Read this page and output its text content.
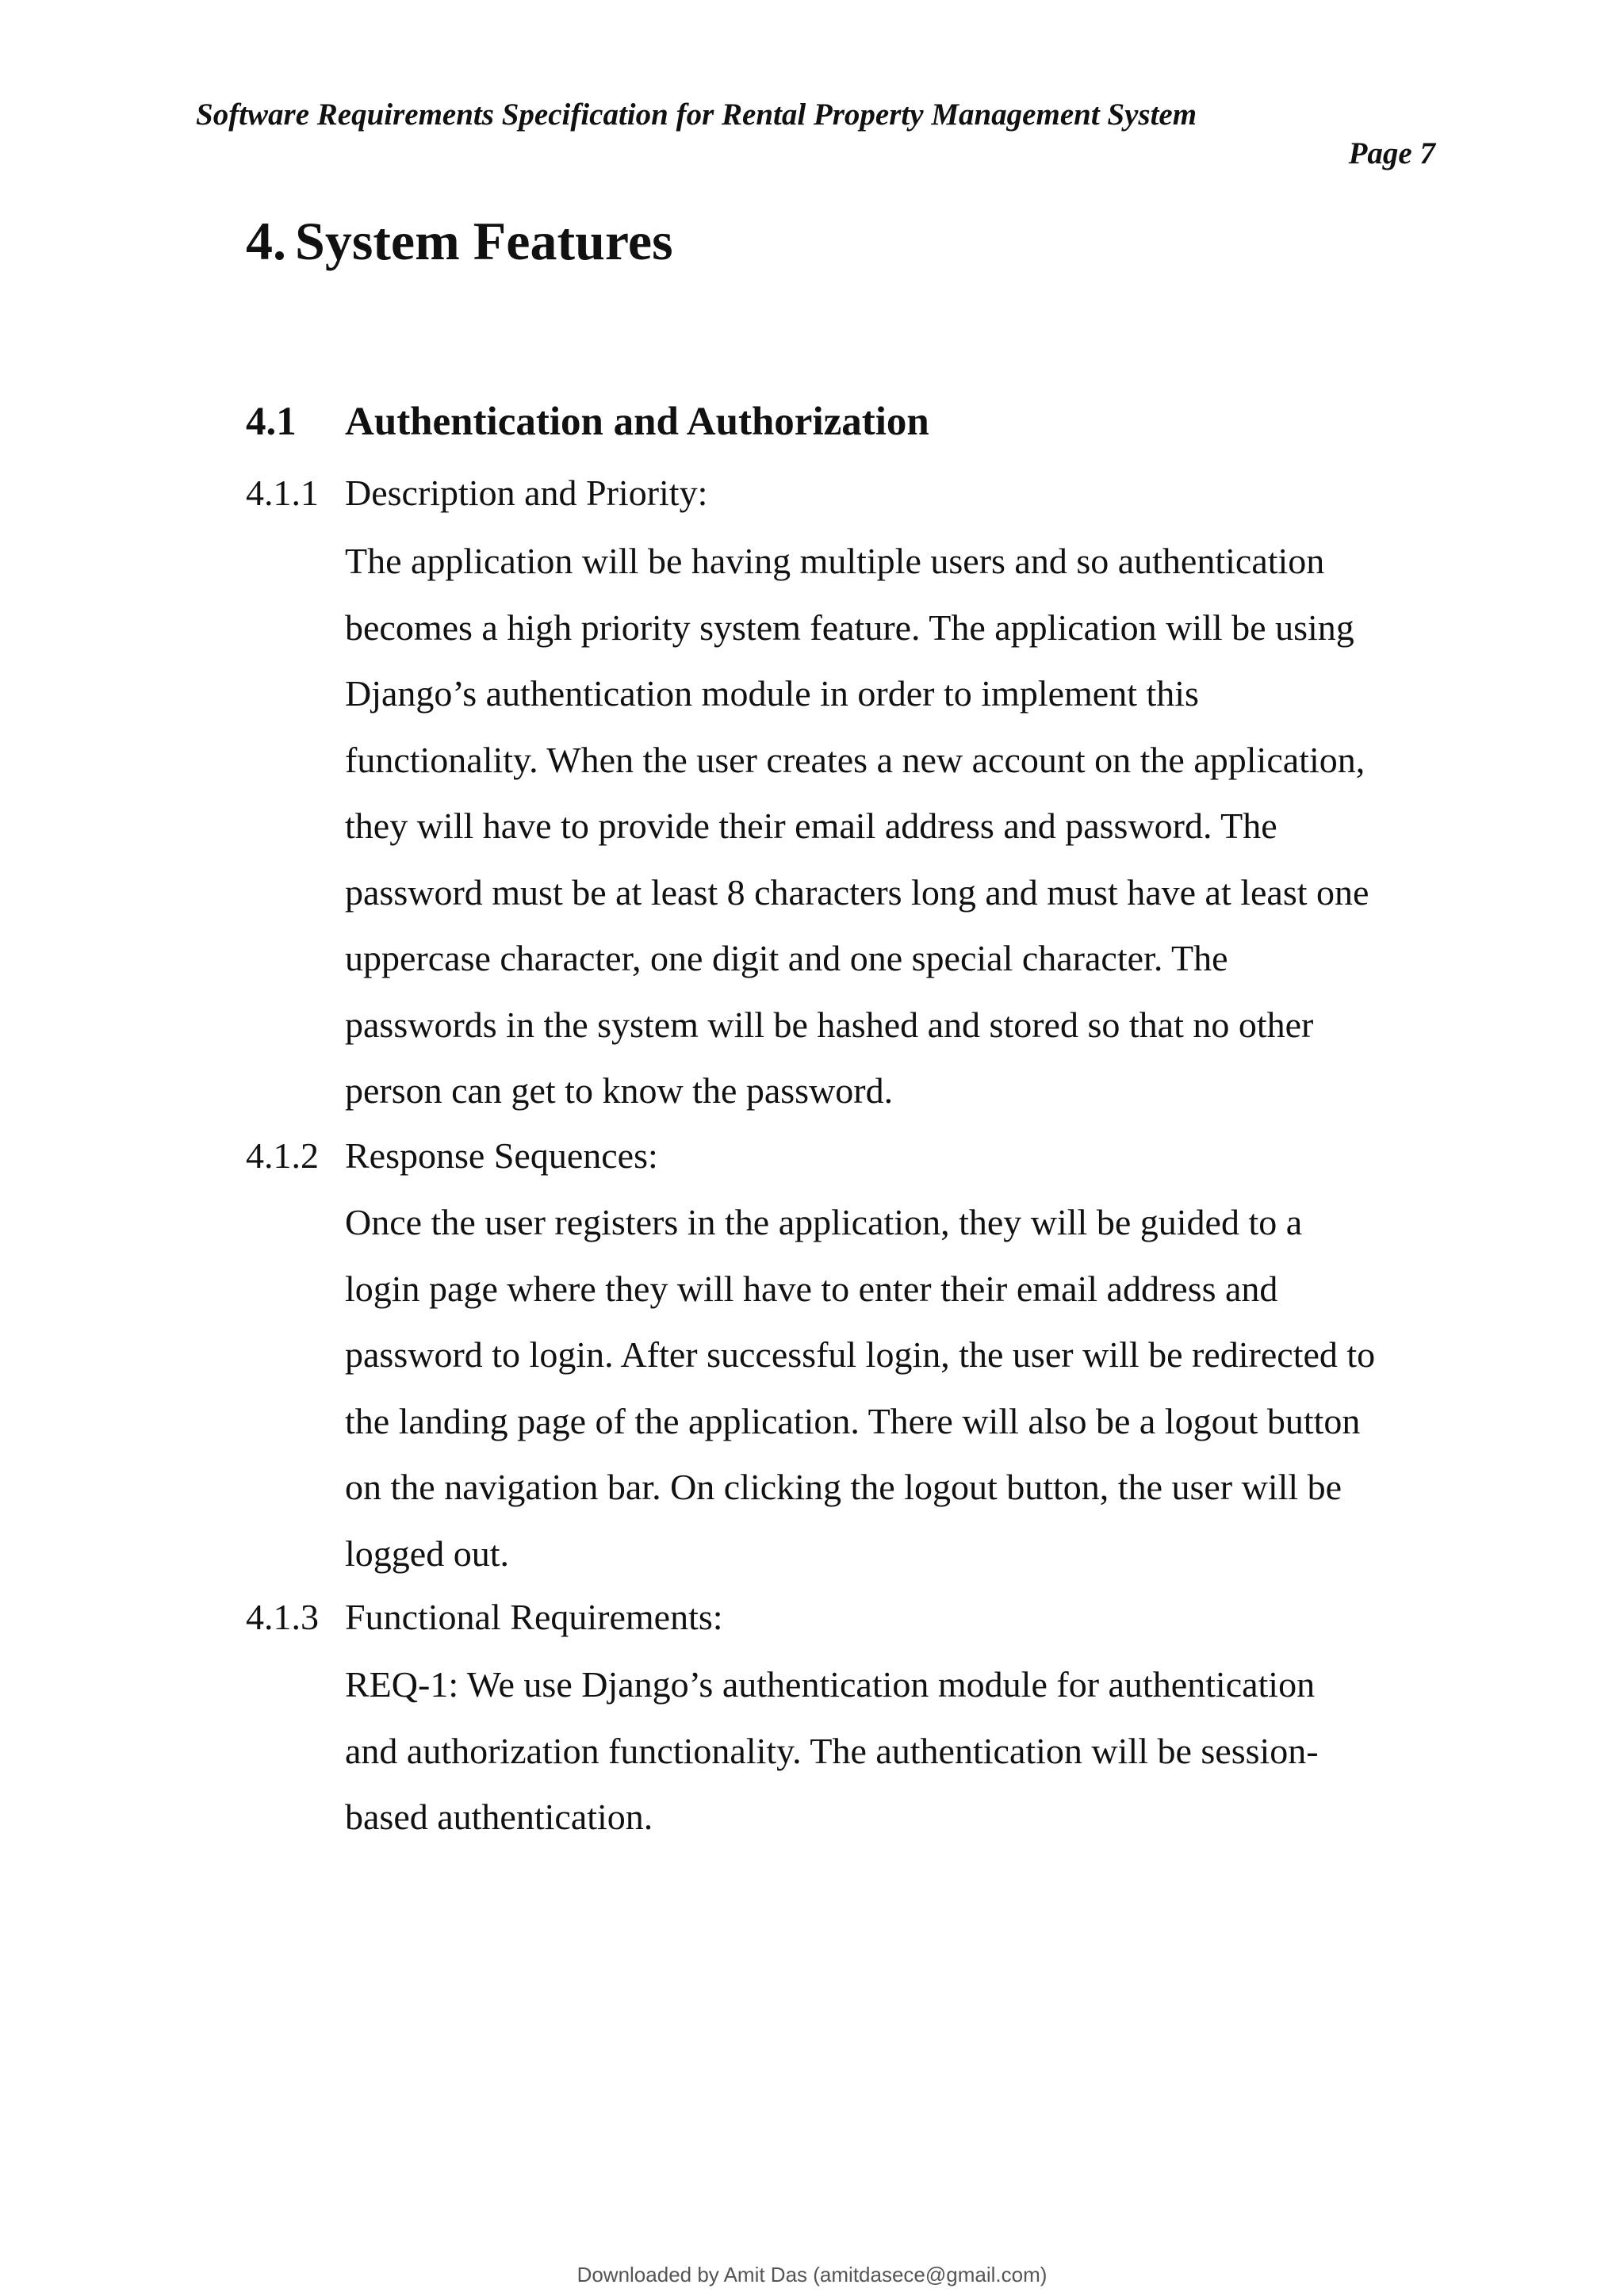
Software Requirements Specification for Rental Property Management System
Page 7
4. System Features
4.1 Authentication and Authorization
4.1.1 Description and Priority:
The application will be having multiple users and so authentication
becomes a high priority system feature. The application will be using
Django’s authentication module in order to implement this
functionality. When the user creates a new account on the application,
they will have to provide their email address and password. The
password must be at least 8 characters long and must have at least one
uppercase character, one digit and one special character. The
passwords in the system will be hashed and stored so that no other
person can get to know the password.
4.1.2 Response Sequences:
Once the user registers in the application, they will be guided to a
login page where they will have to enter their email address and
password to login. After successful login, the user will be redirected to
the landing page of the application. There will also be a logout button
on the navigation bar. On clicking the logout button, the user will be
logged out.
4.1.3 Functional Requirements:
REQ-1: We use Django’s authentication module for authentication
and authorization functionality. The authentication will be session-
based authentication.
Downloaded by Amit Das (amitdasece@gmail.com)
